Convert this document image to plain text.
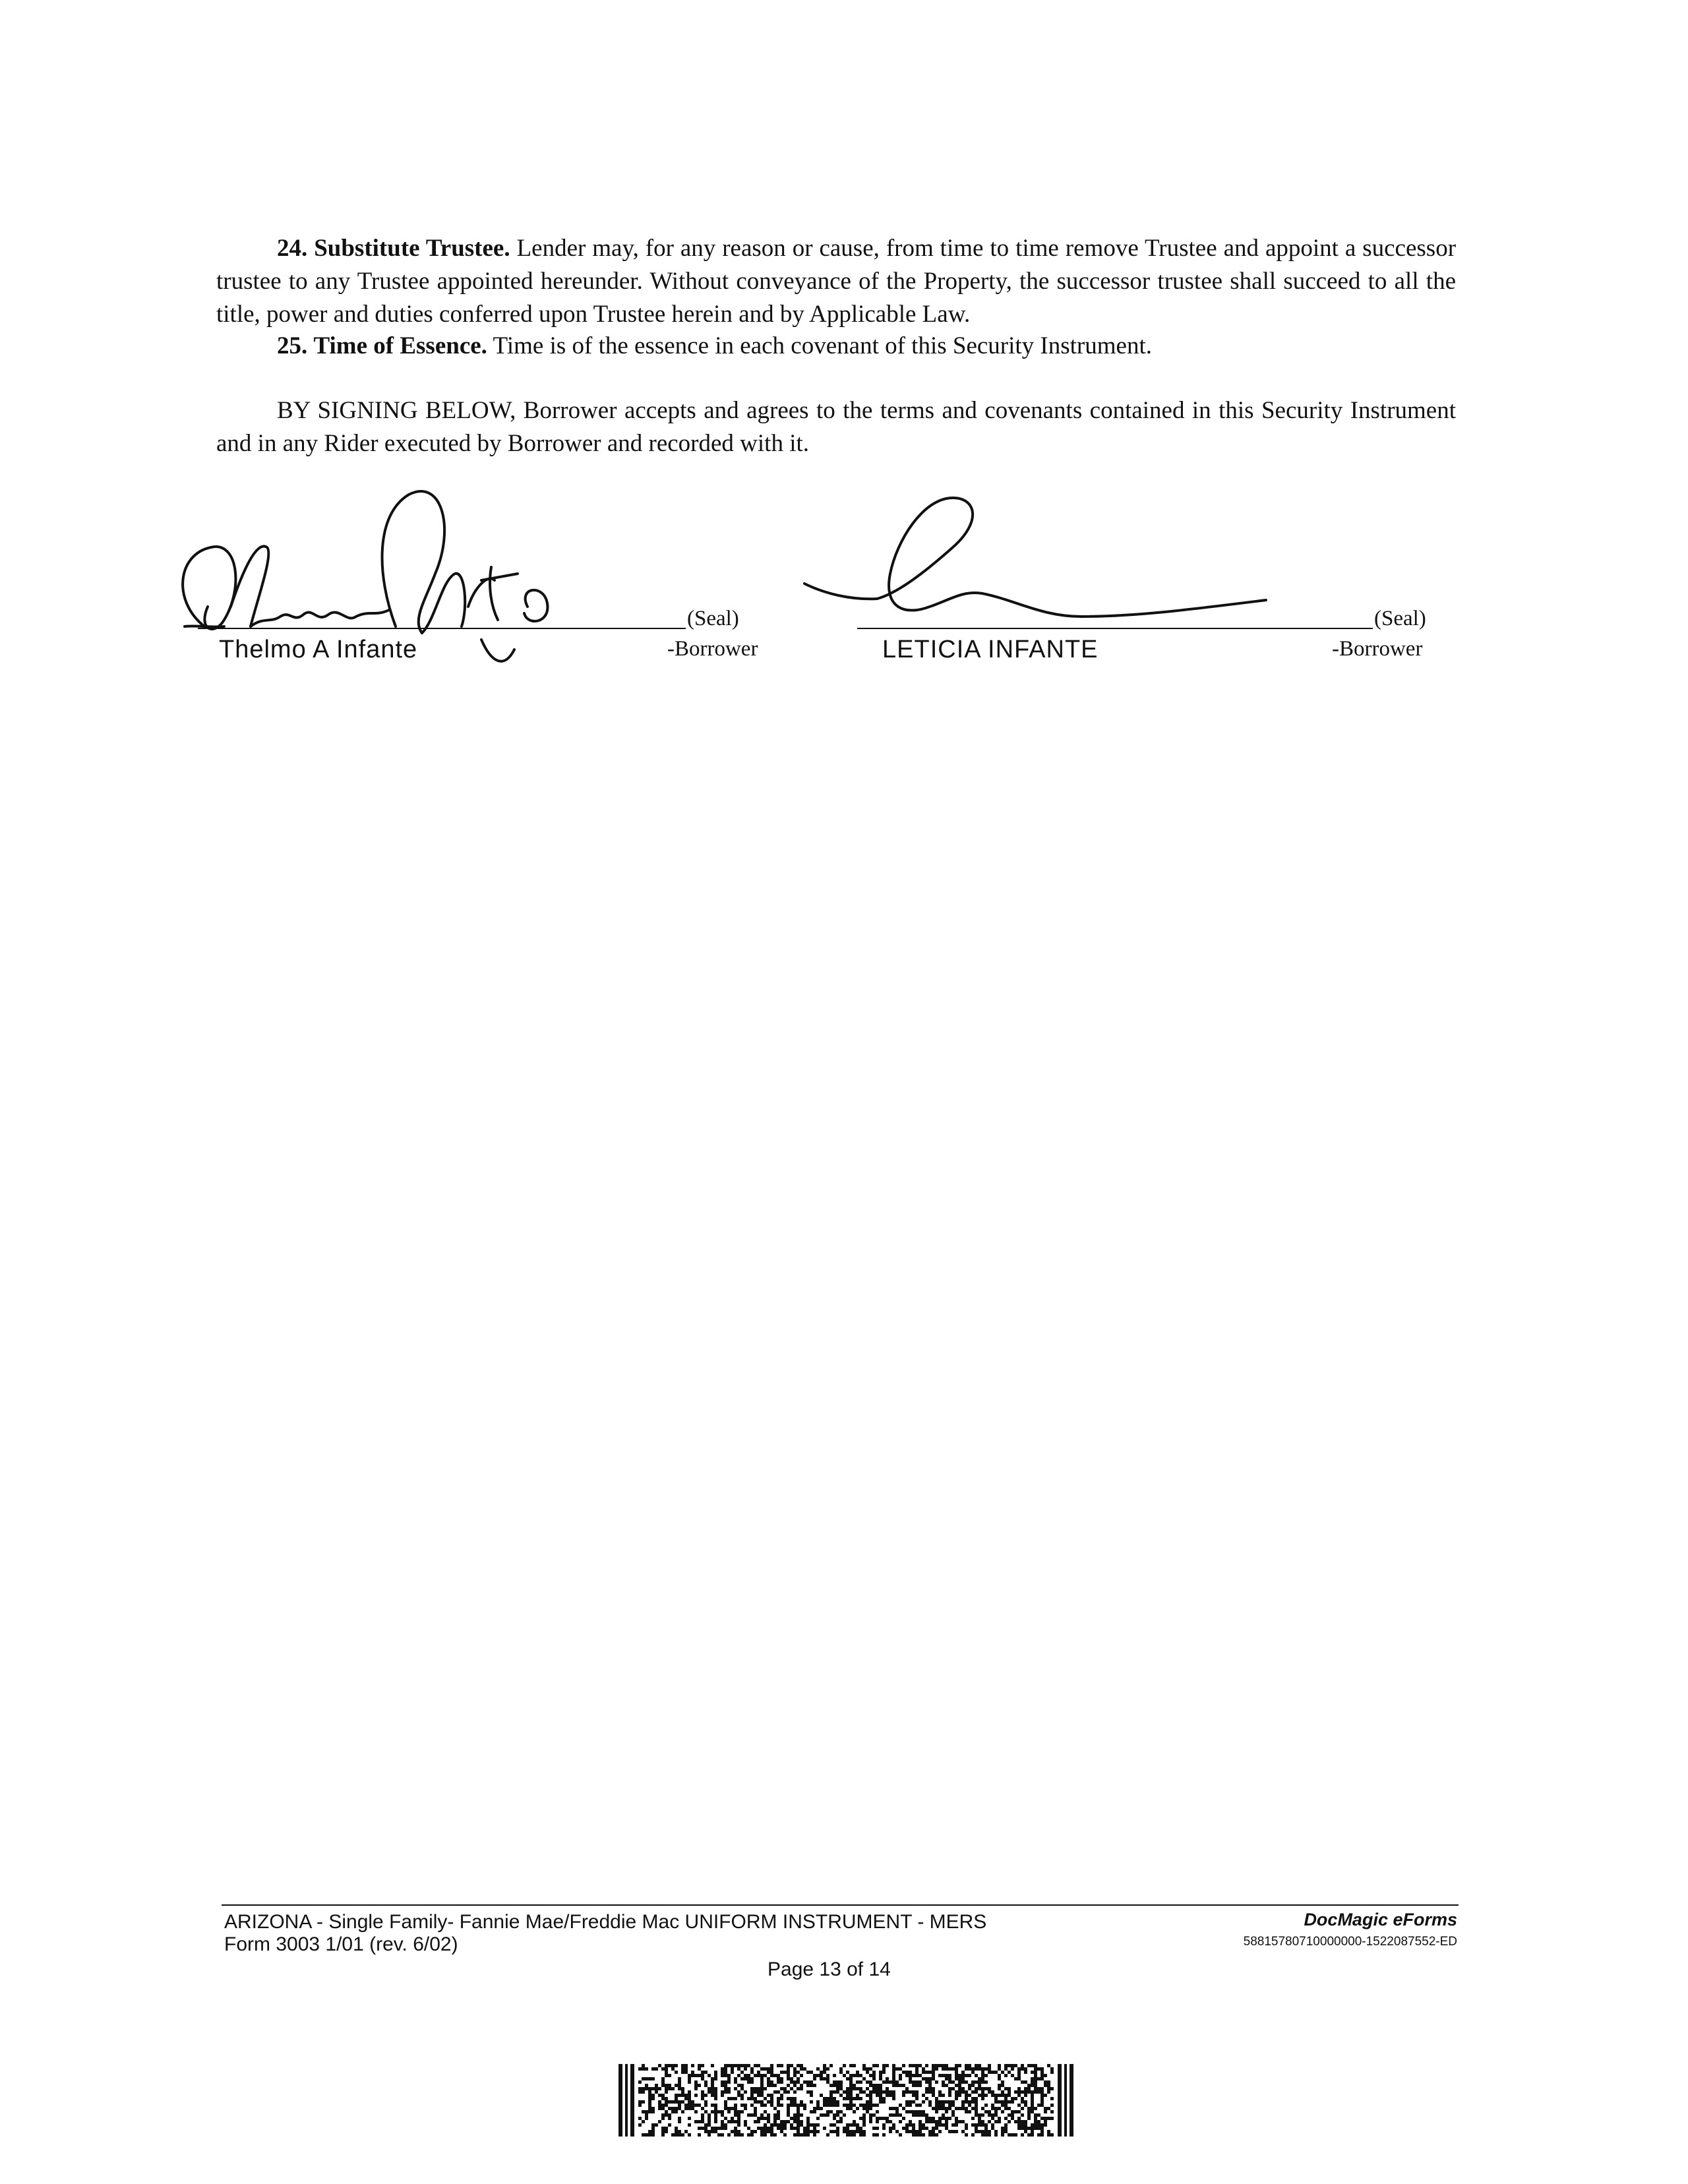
24. Substitute Trustee. Lender may, for any reason or cause, from time to time remove Trustee and appoint a successor trustee to any Trustee appointed hereunder. Without conveyance of the Property, the successor trustee shall succeed to all the title, power and duties conferred upon Trustee herein and by Applicable Law.
25. Time of Essence. Time is of the essence in each covenant of this Security Instrument.
BY SIGNING BELOW, Borrower accepts and agrees to the terms and covenants contained in this Security Instrument and in any Rider executed by Borrower and recorded with it.
(Seal)
Thelmo A Infante	-Borrower
(Seal)
LETICIA INFANTE	-Borrower
ARIZONA - Single Family- Fannie Mae/Freddie Mac UNIFORM INSTRUMENT - MERS
Form 3003 1/01 (rev. 6/02)
Page 13 of 14
DocMagic eForms
58815780710000000-1522087552-ED
